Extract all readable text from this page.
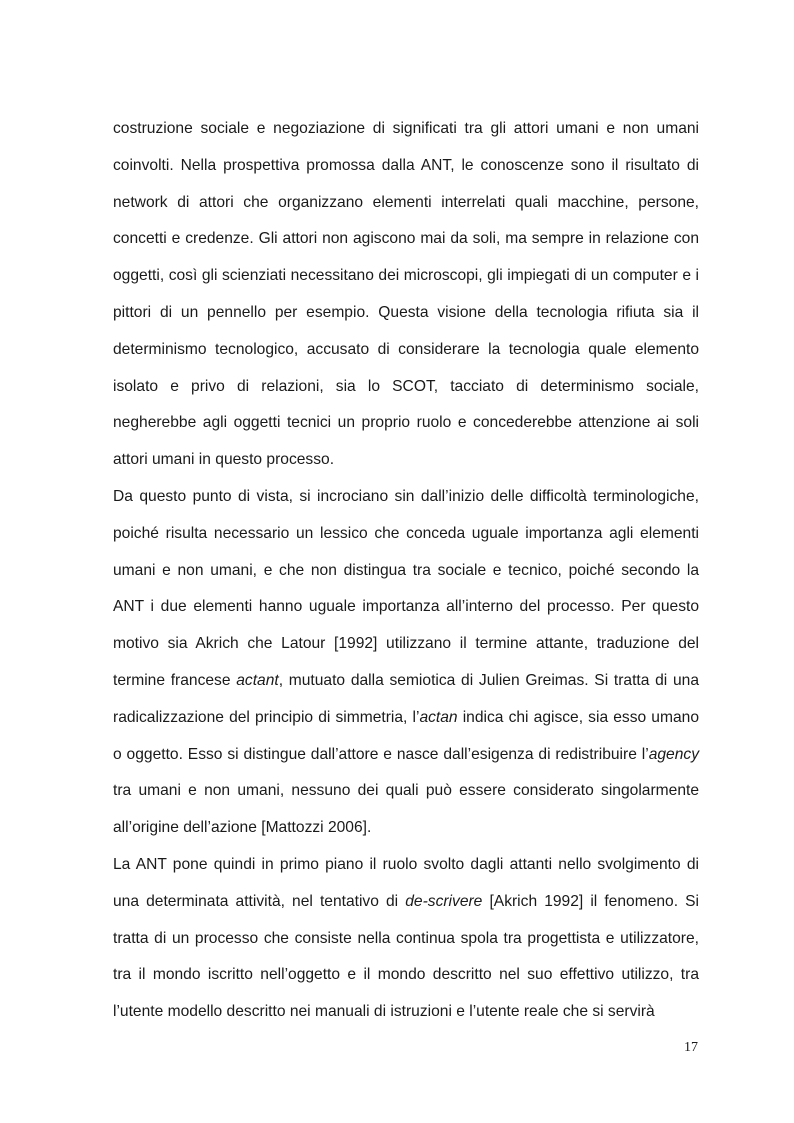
costruzione sociale e negoziazione di significati tra gli attori umani e non umani coinvolti. Nella prospettiva promossa dalla ANT, le conoscenze sono il risultato di network di attori che organizzano elementi interrelati quali macchine, persone, concetti e credenze. Gli attori non agiscono mai da soli, ma sempre in relazione con oggetti, così gli scienziati necessitano dei microscopi, gli impiegati di un computer e i pittori di un pennello per esempio. Questa visione della tecnologia rifiuta sia il determinismo tecnologico, accusato di considerare la tecnologia quale elemento isolato e privo di relazioni, sia lo SCOT, tacciato di determinismo sociale, negherebbe agli oggetti tecnici un proprio ruolo e concederebbe attenzione ai soli attori umani in questo processo.

Da questo punto di vista, si incrociano sin dall’inizio delle difficoltà terminologiche, poiché risulta necessario un lessico che conceda uguale importanza agli elementi umani e non umani, e che non distingua tra sociale e tecnico, poiché secondo la ANT i due elementi hanno uguale importanza all’interno del processo. Per questo motivo sia Akrich che Latour [1992] utilizzano il termine attante, traduzione del termine francese actant, mutuato dalla semiotica di Julien Greimas. Si tratta di una radicalizzazione del principio di simmetria, l’actan indica chi agisce, sia esso umano o oggetto. Esso si distingue dall’attore e nasce dall’esigenza di redistribuire l’agency tra umani e non umani, nessuno dei quali può essere considerato singolarmente all’origine dell’azione [Mattozzi 2006].

La ANT pone quindi in primo piano il ruolo svolto dagli attanti nello svolgimento di una determinata attività, nel tentativo di de-scrivere [Akrich 1992] il fenomeno. Si tratta di un processo che consiste nella continua spola tra progettista e utilizzatore, tra il mondo iscritto nell’oggetto e il mondo descritto nel suo effettivo utilizzo, tra l’utente modello descritto nei manuali di istruzioni e l’utente reale che si servirà

17
